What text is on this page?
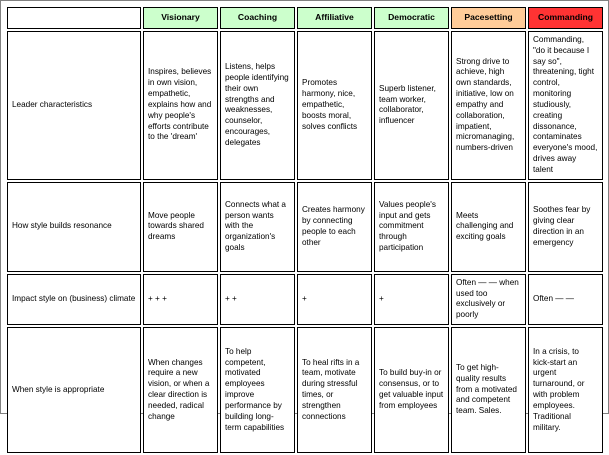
	Visionary	Coaching	Affiliative	Democratic	Pacesetting	Commanding
Leader characteristics	Inspires, believes in own vision, empathetic, explains how and why people's efforts contribute to the 'dream'	Listens, helps people identifying their own strengths and weaknesses, counselor, encourages, delegates	Promotes harmony, nice, empathetic, boosts moral, solves conflicts	Superb listener, team worker, collaborator, influencer	Strong drive to achieve, high own standards, initiative, low on empathy and collaboration, impatient, micromanaging, numbers-driven	Commanding, "do it because I say so", threatening, tight control, monitoring studiously, creating dissonance, contaminates everyone's mood, drives away talent
How style builds resonance	Move people towards shared dreams	Connects what a person wants with the organization's goals	Creates harmony by connecting people to each other	Values people's input and gets commitment through participation	Meets challenging and exciting goals	Soothes fear by giving clear direction in an emergency
Impact style on (business) climate	+ + +	+ +	+	+	Often — — when used too exclusively or poorly	Often — —
When style is appropriate	When changes require a new vision, or when a clear direction is needed, radical change	To help competent, motivated employees improve performance by building long-term capabilities	To heal rifts in a team, motivate during stressful times, or strengthen connections	To build buy-in or consensus, or to get valuable input from employees	To get high-quality results from a motivated and competent team. Sales.	In a crisis, to kick-start an urgent turnaround, or with problem employees. Traditional military.
